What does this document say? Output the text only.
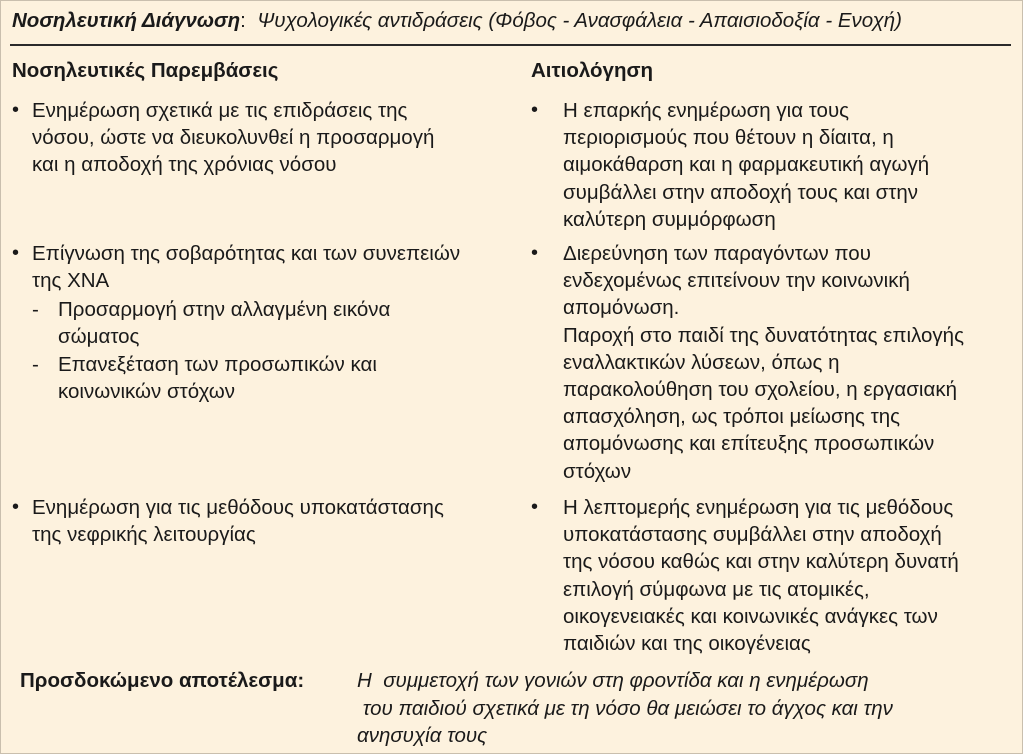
Νοσηλευτική Διάγνωση:  Ψυχολογικές αντιδράσεις (Φόβος - Ανασφάλεια - Απαισιοδοξία - Ενοχή)
Νοσηλευτικές Παρεμβάσεις	Αιτιολόγηση
• Ενημέρωση σχετικά με τις επιδράσεις της
νόσου, ώστε να διευκολυνθεί η προσαρμογή
και η αποδοχή της χρόνιας νόσου
• Επίγνωση της σοβαρότητας και των συνεπειών
της ΧΝΑ
- Προσαρμογή στην αλλαγμένη εικόνα
σώματος
- Επανεξέταση των προσωπικών και
κοινωνικών στόχων
• Ενημέρωση για τις μεθόδους υποκατάστασης
της νεφρικής λειτουργίας
• Η επαρκής ενημέρωση για τους
περιορισμούς που θέτουν η δίαιτα, η
αιμοκάθαρση και η φαρμακευτική αγωγή
συμβάλλει στην αποδοχή τους και στην
καλύτερη συμμόρφωση
• Διερεύνηση των παραγόντων που
ενδεχομένως επιτείνουν την κοινωνική
απομόνωση.
Παροχή στο παιδί της δυνατότητας επιλογής
εναλλακτικών λύσεων, όπως η
παρακολούθηση του σχολείου, η εργασιακή
απασχόληση, ως τρόποι μείωσης της
απομόνωσης και επίτευξης προσωπικών
στόχων
• Η λεπτομερής ενημέρωση για τις μεθόδους
υποκατάστασης συμβάλλει στην αποδοχή
της νόσου καθώς και στην καλύτερη δυνατή
επιλογή σύμφωνα με τις ατομικές,
οικογενειακές και κοινωνικές ανάγκες των
παιδιών και της οικογένειας
Προσδοκώμενο αποτέλεσμα:	Η  συμμετοχή των γονιών στη φροντίδα και η ενημέρωση
του παιδιού σχετικά με τη νόσο θα μειώσει το άγχος και την
ανησυχία τους
